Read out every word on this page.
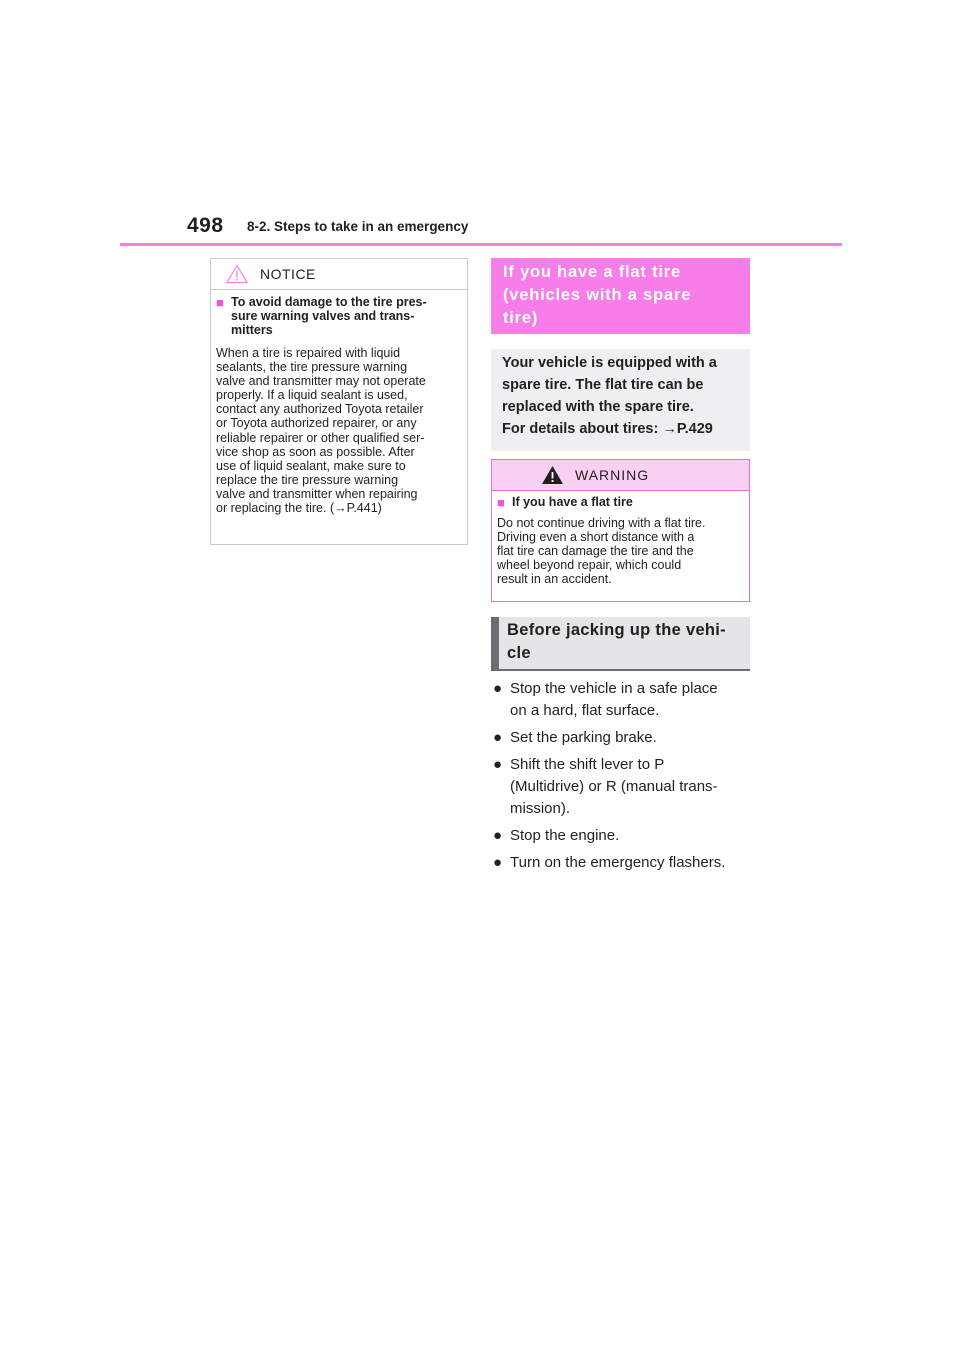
498 8-2. Steps to take in an emergency
NOTICE
■ To avoid damage to the tire pres-
sure warning valves and trans-
mitters
When a tire is repaired with liquid
sealants, the tire pressure warning
valve and transmitter may not operate
properly. If a liquid sealant is used,
contact any authorized Toyota retailer
or Toyota authorized repairer, or any
reliable repairer or other qualified ser-
vice shop as soon as possible. After
use of liquid sealant, make sure to
replace the tire pressure warning
valve and transmitter when repairing
or replacing the tire. (→P.441)
If you have a flat tire
(vehicles with a spare
tire)
Your vehicle is equipped with a
spare tire. The flat tire can be
replaced with the spare tire.
For details about tires: →P.429
WARNING
■ If you have a flat tire
Do not continue driving with a flat tire.
Driving even a short distance with a
flat tire can damage the tire and the
wheel beyond repair, which could
result in an accident.
Before jacking up the vehi-
cle
● Stop the vehicle in a safe place
on a hard, flat surface.
● Set the parking brake.
● Shift the shift lever to P
(Multidrive) or R (manual trans-
mission).
● Stop the engine.
● Turn on the emergency flashers.
